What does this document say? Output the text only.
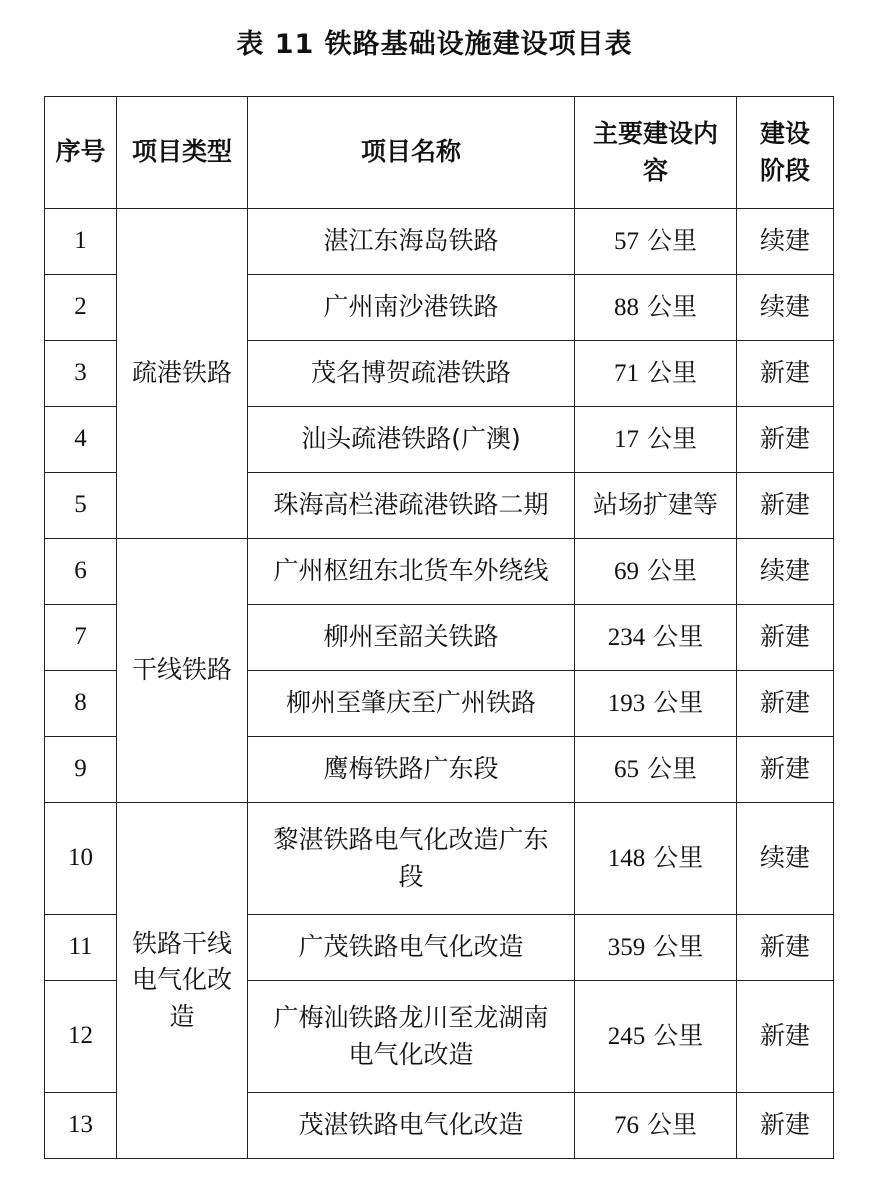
表 11 铁路基础设施建设项目表
序号	项目类型	项目名称	主要建设内容	建设阶段

1	疏港铁路	湛江东海岛铁路	57 公里	续建
2		广州南沙港铁路	88 公里	续建
3		茂名博贺疏港铁路	71 公里	新建
4		汕头疏港铁路(广澳)	17 公里	新建
5		珠海高栏港疏港铁路二期	站场扩建等	新建
6	干线铁路	广州枢纽东北货车外绕线	69 公里	续建
7		柳州至韶关铁路	234 公里	新建
8		柳州至肇庆至广州铁路	193 公里	新建
9		鹰梅铁路广东段	65 公里	新建
10	铁路干线电气化改造	黎湛铁路电气化改造广东段	148 公里	续建
11		广茂铁路电气化改造	359 公里	新建
12		广梅汕铁路龙川至龙湖南电气化改造	245 公里	新建
13		茂湛铁路电气化改造	76 公里	新建
